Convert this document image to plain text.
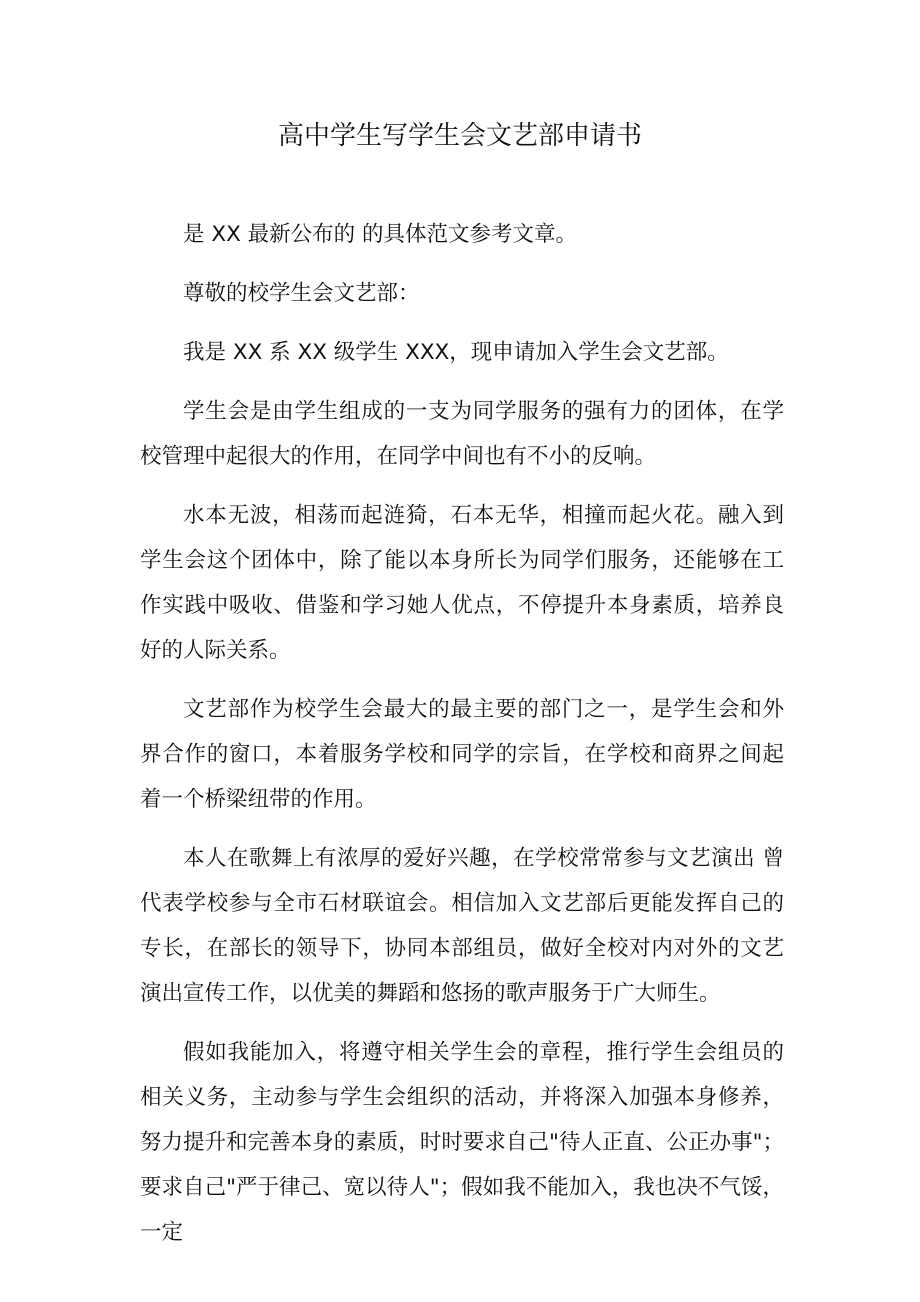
高中学生写学生会文艺部申请书

是 XX 最新公布的 的具体范文参考文章。

尊敬的校学生会文艺部：

我是 XX 系 XX 级学生 XXX，现申请加入学生会文艺部。

学生会是由学生组成的一支为同学服务的强有力的团体，在学校管理中起很大的作用，在同学中间也有不小的反响。

水本无波，相荡而起涟猗，石本无华，相撞而起火花。融入到学生会这个团体中，除了能以本身所长为同学们服务，还能够在工作实践中吸收、借鉴和学习她人优点，不停提升本身素质，培养良好的人际关系。

文艺部作为校学生会最大的最主要的部门之一，是学生会和外界合作的窗口，本着服务学校和同学的宗旨，在学校和商界之间起着一个桥梁纽带的作用。

本人在歌舞上有浓厚的爱好兴趣，在学校常常参与文艺演出 曾代表学校参与全市石材联谊会。相信加入文艺部后更能发挥自己的专长，在部长的领导下，协同本部组员，做好全校对内对外的文艺演出宣传工作，以优美的舞蹈和悠扬的歌声服务于广大师生。

假如我能加入，将遵守相关学生会的章程，推行学生会组员的相关义务，主动参与学生会组织的活动，并将深入加强本身修养，努力提升和完善本身的素质，时时要求自己"待人正直、公正办事"；要求自己"严于律己、宽以待人"；假如我不能加入，我也决不气馁，一定
